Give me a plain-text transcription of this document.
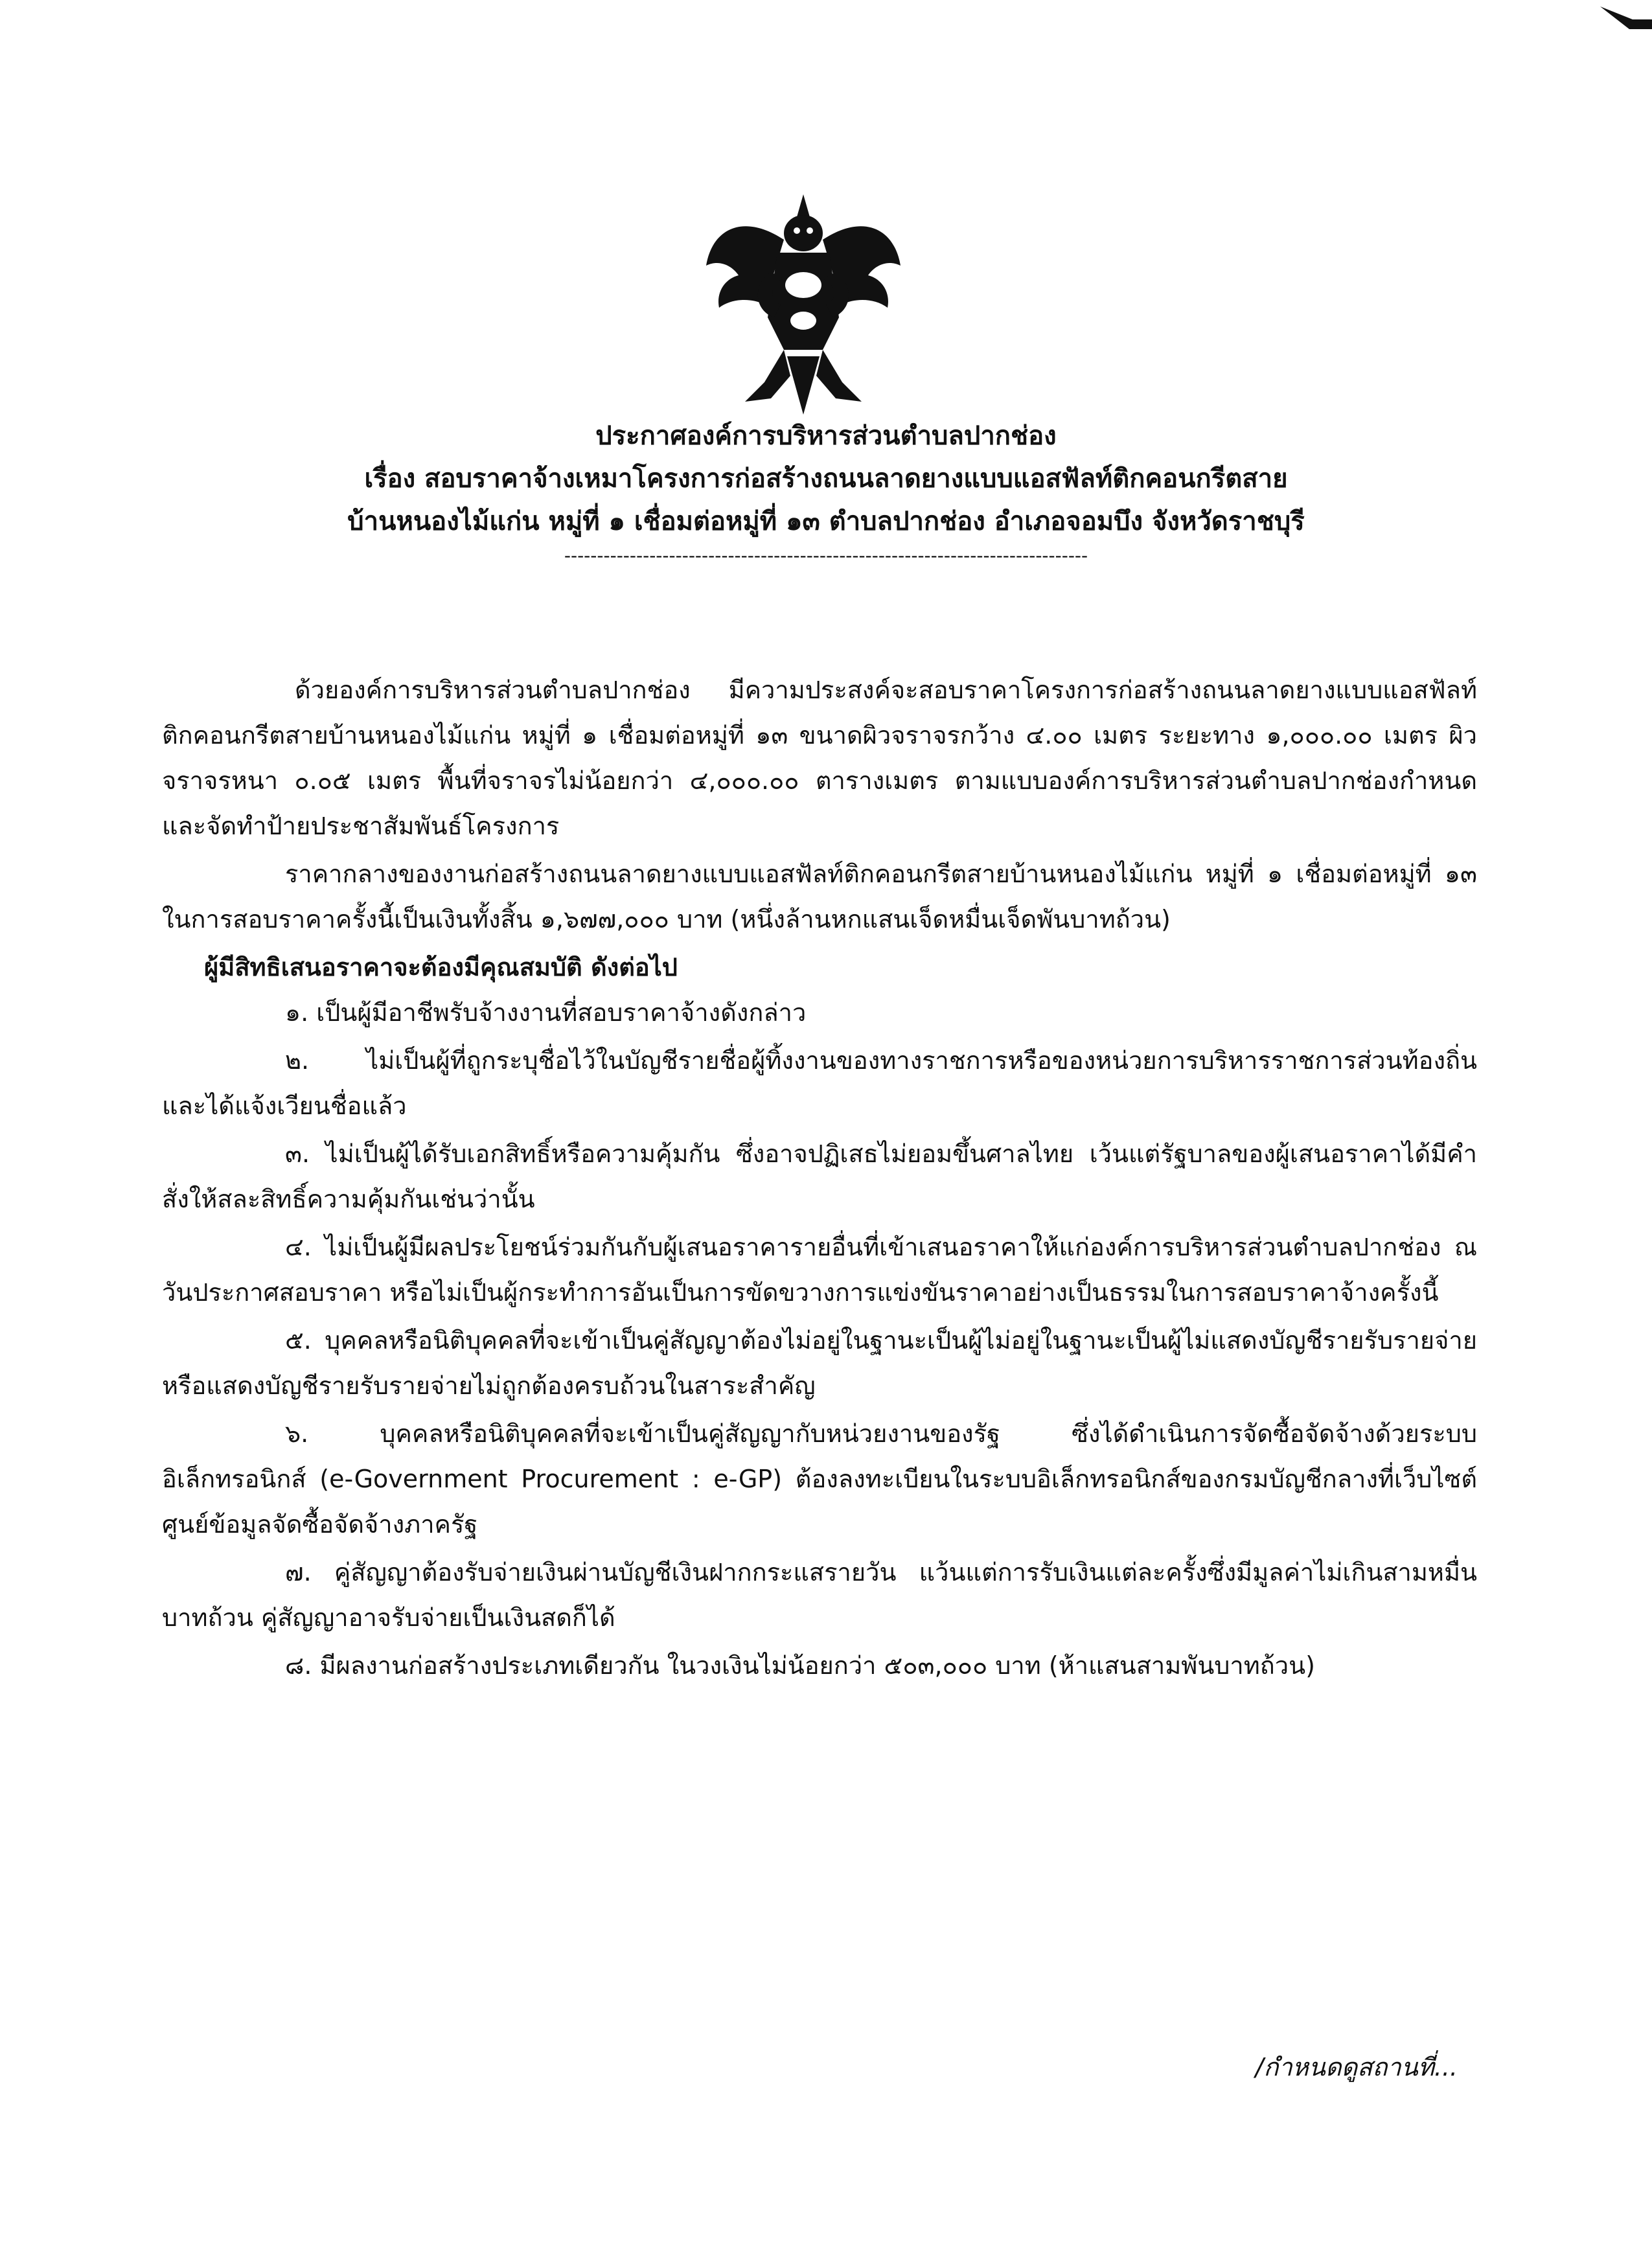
ประกาศองค์การบริหารส่วนตำบลปากช่อง
เรื่อง สอบราคาจ้างเหมาโครงการก่อสร้างถนนลาดยางแบบแอสฟัลท์ติกคอนกรีตสาย
บ้านหนองไม้แก่น หมู่ที่ ๑ เชื่อมต่อหมู่ที่ ๑๓ ตำบลปากช่อง อำเภอจอมบึง จังหวัดราชบุรี
--------------------------------------------------------------------------------

ด้วยองค์การบริหารส่วนตำบลปากช่อง มีความประสงค์จะสอบราคาโครงการก่อสร้างถนนลาดยางแบบแอสฟัลท์ติกคอนกรีตสายบ้านหนองไม้แก่น หมู่ที่ ๑ เชื่อมต่อหมู่ที่ ๑๓ ขนาดผิวจราจรกว้าง ๔.๐๐ เมตร ระยะทาง ๑,๐๐๐.๐๐ เมตร ผิวจราจรหนา ๐.๐๕ เมตร พื้นที่จราจรไม่น้อยกว่า ๔,๐๐๐.๐๐ ตารางเมตร ตามแบบองค์การบริหารส่วนตำบลปากช่องกำหนด และจัดทำป้ายประชาสัมพันธ์โครงการ

ราคากลางของงานก่อสร้างถนนลาดยางแบบแอสฟัลท์ติกคอนกรีตสายบ้านหนองไม้แก่น หมู่ที่ ๑ เชื่อมต่อหมู่ที่ ๑๓ ในการสอบราคาครั้งนี้เป็นเงินทั้งสิ้น ๑,๖๗๗,๐๐๐ บาท (หนึ่งล้านหกแสนเจ็ดหมื่นเจ็ดพันบาทถ้วน)

ผู้มีสิทธิเสนอราคาจะต้องมีคุณสมบัติ ดังต่อไป

๑. เป็นผู้มีอาชีพรับจ้างงานที่สอบราคาจ้างดังกล่าว

๒. ไม่เป็นผู้ที่ถูกระบุชื่อไว้ในบัญชีรายชื่อผู้ทิ้งงานของทางราชการหรือของหน่วยการบริหารราชการส่วนท้องถิ่น และได้แจ้งเวียนชื่อแล้ว

๓. ไม่เป็นผู้ได้รับเอกสิทธิ์หรือความคุ้มกัน ซึ่งอาจปฏิเสธไม่ยอมขึ้นศาลไทย เว้นแต่รัฐบาลของผู้เสนอราคาได้มีคำสั่งให้สละสิทธิ์ความคุ้มกันเช่นว่านั้น

๔. ไม่เป็นผู้มีผลประโยชน์ร่วมกันกับผู้เสนอราคารายอื่นที่เข้าเสนอราคาให้แก่องค์การบริหารส่วนตำบลปากช่อง ณ วันประกาศสอบราคา หรือไม่เป็นผู้กระทำการอันเป็นการขัดขวางการแข่งขันราคาอย่างเป็นธรรมในการสอบราคาจ้างครั้งนี้

๕. บุคคลหรือนิติบุคคลที่จะเข้าเป็นคู่สัญญาต้องไม่อยู่ในฐานะเป็นผู้ไม่อยู่ในฐานะเป็นผู้ไม่แสดงบัญชีรายรับรายจ่าย หรือแสดงบัญชีรายรับรายจ่ายไม่ถูกต้องครบถ้วนในสาระสำคัญ

๖. บุคคลหรือนิติบุคคลที่จะเข้าเป็นคู่สัญญากับหน่วยงานของรัฐ ซึ่งได้ดำเนินการจัดซื้อจัดจ้างด้วยระบบอิเล็กทรอนิกส์ (e-Government Procurement : e-GP) ต้องลงทะเบียนในระบบอิเล็กทรอนิกส์ของกรมบัญชีกลางที่เว็บไซต์ศูนย์ข้อมูลจัดซื้อจัดจ้างภาครัฐ

๗. คู่สัญญาต้องรับจ่ายเงินผ่านบัญชีเงินฝากกระแสรายวัน แว้นแต่การรับเงินแต่ละครั้งซึ่งมีมูลค่าไม่เกินสามหมื่นบาทถ้วน คู่สัญญาอาจรับจ่ายเป็นเงินสดก็ได้

๘. มีผลงานก่อสร้างประเภทเดียวกัน ในวงเงินไม่น้อยกว่า ๕๐๓,๐๐๐ บาท (ห้าแสนสามพันบาทถ้วน)

/กำหนดดูสถานที่...
